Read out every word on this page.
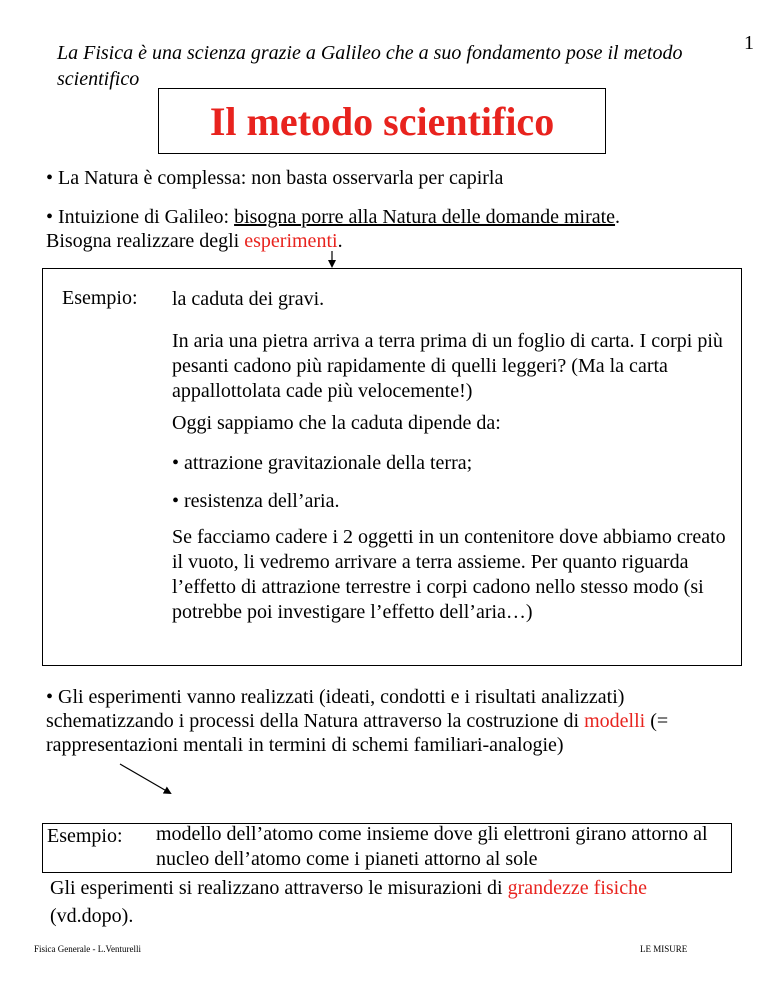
1
La Fisica è una scienza grazie a Galileo che a suo fondamento pose il metodo scientifico
Il metodo scientifico
• La Natura è complessa: non basta osservarla per capirla
• Intuizione di Galileo: bisogna porre alla Natura delle domande mirate.
Bisogna realizzare degli esperimenti.
Esempio: la caduta dei gravi.
In aria una pietra arriva a terra prima di un foglio di carta. I corpi più pesanti cadono più rapidamente di quelli leggeri? (Ma la carta appallottolata cade più velocemente!)
Oggi sappiamo che la caduta dipende da:
• attrazione gravitazionale della terra;
• resistenza dell’aria.
Se facciamo cadere i 2 oggetti in un contenitore dove abbiamo creato il vuoto, li vedremo arrivare a terra assieme. Per quanto riguarda l’effetto di attrazione terrestre i corpi cadono nello stesso modo (si potrebbe poi investigare l’effetto dell’aria…)
• Gli esperimenti vanno realizzati (ideati, condotti e i risultati analizzati) schematizzando i processi della Natura attraverso la costruzione di modelli (= rappresentazioni mentali in termini di schemi familiari-analogie)
Esempio: modello dell’atomo come insieme dove gli elettroni girano attorno al nucleo dell’atomo come i pianeti attorno al sole
Gli esperimenti si realizzano attraverso le misurazioni di grandezze fisiche (vd.dopo).
Fisica Generale - L.Venturelli	LE MISURE
